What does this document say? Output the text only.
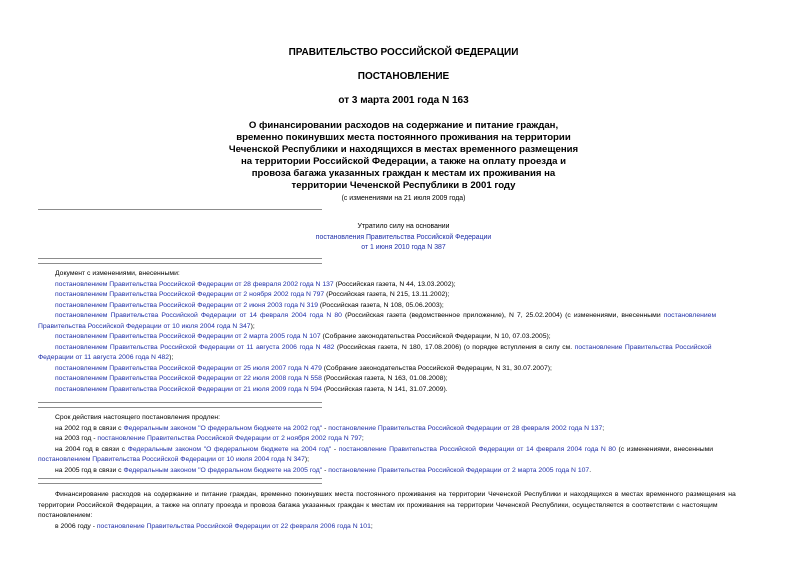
ПРАВИТЕЛЬСТВО РОССИЙСКОЙ ФЕДЕРАЦИИ
ПОСТАНОВЛЕНИЕ
от 3 марта 2001 года N 163
О финансировании расходов на содержание и питание граждан,
временно покинувших места постоянного проживания на территории
Чеченской Республики и находящихся в местах временного размещения
на территории Российской Федерации, а также на оплату проезда и
провоза багажа указанных граждан к местам их проживания на
территории Чеченской Республики в 2001 году
(с изменениями на 21 июля 2009 года)
Утратило силу на основании
постановления Правительства Российской Федерации
от 1 июня 2010 года N 387
Документ с изменениями, внесенными:
постановлением Правительства Российской Федерации от 28 февраля 2002 года N 137 (Российская газета, N 44, 13.03.2002);
постановлением Правительства Российской Федерации от 2 ноября 2002 года N 797 (Российская газета, N 215, 13.11.2002);
постановлением Правительства Российской Федерации от 2 июня 2003 года N 319 (Российская газета, N 108, 05.06.2003);
постановлением Правительства Российской Федерации от 14 февраля 2004 года N 80 (Российская газета (ведомственное приложение), N 7, 25.02.2004) (с изменениями, внесенными постановлением
Правительства Российской Федерации от 10 июля 2004 года N 347);
постановлением Правительства Российской Федерации от 2 марта 2005 года N 107 (Собрание законодательства Российской Федерации, N 10, 07.03.2005);
постановлением Правительства Российской Федерации от 11 августа 2006 года N 482 (Российская газета, N 180, 17.08.2006) (о порядке вступления в силу см. постановление Правительства Российской
Федерации от 11 августа 2006 года N 482);
постановлением Правительства Российской Федерации от 25 июля 2007 года N 479 (Собрание законодательства Российской Федерации, N 31, 30.07.2007);
постановлением Правительства Российской Федерации от 22 июля 2008 года N 558 (Российская газета, N 163, 01.08.2008);
постановлением Правительства Российской Федерации от 21 июля 2009 года N 594 (Российская газета, N 141, 31.07.2009).
Срок действия настоящего постановления продлен:
на 2002 год в связи с Федеральным законом "О федеральном бюджете на 2002 год" - постановление Правительства Российской Федерации от 28 февраля 2002 года N 137;
на 2003 год - постановление Правительства Российской Федерации от 2 ноября 2002 года N 797;
на 2004 год в связи с Федеральным законом "О федеральном бюджете на 2004 год" - постановление Правительства Российской Федерации от 14 февраля 2004 года N 80 (с изменениями, внесенными
постановлением Правительства Российской Федерации от 10 июля 2004 года N 347);
на 2005 год в связи с Федеральным законом "О федеральном бюджете на 2005 год" - постановление Правительства Российской Федерации от 2 марта 2005 года N 107.
Финансирование расходов на содержание и питание граждан, временно покинувших места постоянного проживания на территории Чеченской Республики и находящихся в местах временного размещения на
территории Российской Федерации, а также на оплату проезда и провоза багажа указанных граждан к местам их проживания на территории Чеченской Республики, осуществляется в соответствии с настоящим
постановлением:
в 2006 году - постановление Правительства Российской Федерации от 22 февраля 2006 года N 101;
